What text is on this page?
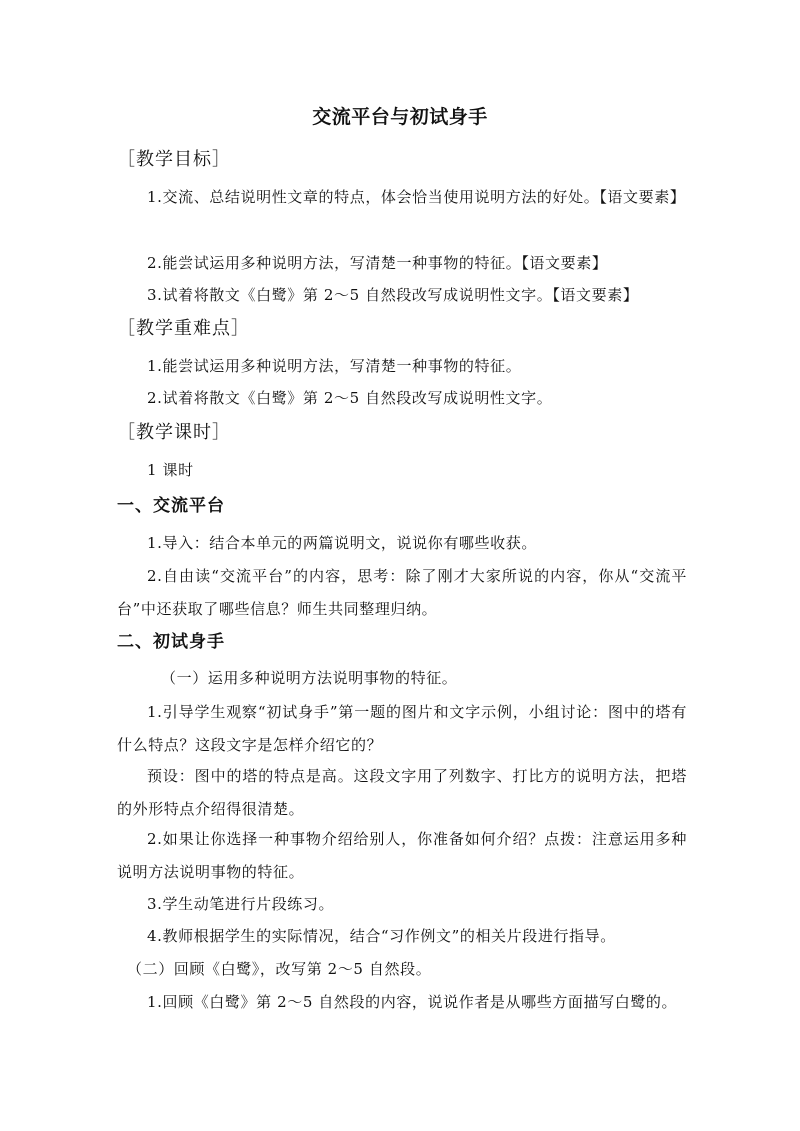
交流平台与初试身手
［教学目标］
1.交流、总结说明性文章的特点，体会恰当使用说明方法的好处。【语文要素】
2.能尝试运用多种说明方法，写清楚一种事物的特征。【语文要素】
3.试着将散文《白鹭》第 2～5 自然段改写成说明性文字。【语文要素】
［教学重难点］
1.能尝试运用多种说明方法，写清楚一种事物的特征。
2.试着将散文《白鹭》第 2～5 自然段改写成说明性文字。
［教学课时］
1 课时
一、交流平台
1.导入：结合本单元的两篇说明文，说说你有哪些收获。
2.自由读“交流平台”的内容，思考：除了刚才大家所说的内容，你从“交流平台”中还获取了哪些信息？师生共同整理归纳。
二、初试身手
（一）运用多种说明方法说明事物的特征。
1.引导学生观察“初试身手”第一题的图片和文字示例，小组讨论：图中的塔有什么特点？这段文字是怎样介绍它的？
预设：图中的塔的特点是高。这段文字用了列数字、打比方的说明方法，把塔的外形特点介绍得很清楚。
2.如果让你选择一种事物介绍给别人，你准备如何介绍？点拨：注意运用多种说明方法说明事物的特征。
3.学生动笔进行片段练习。
4.教师根据学生的实际情况，结合“习作例文”的相关片段进行指导。
（二）回顾《白鹭》，改写第 2～5 自然段。
1.回顾《白鹭》第 2～5 自然段的内容，说说作者是从哪些方面描写白鹭的。
